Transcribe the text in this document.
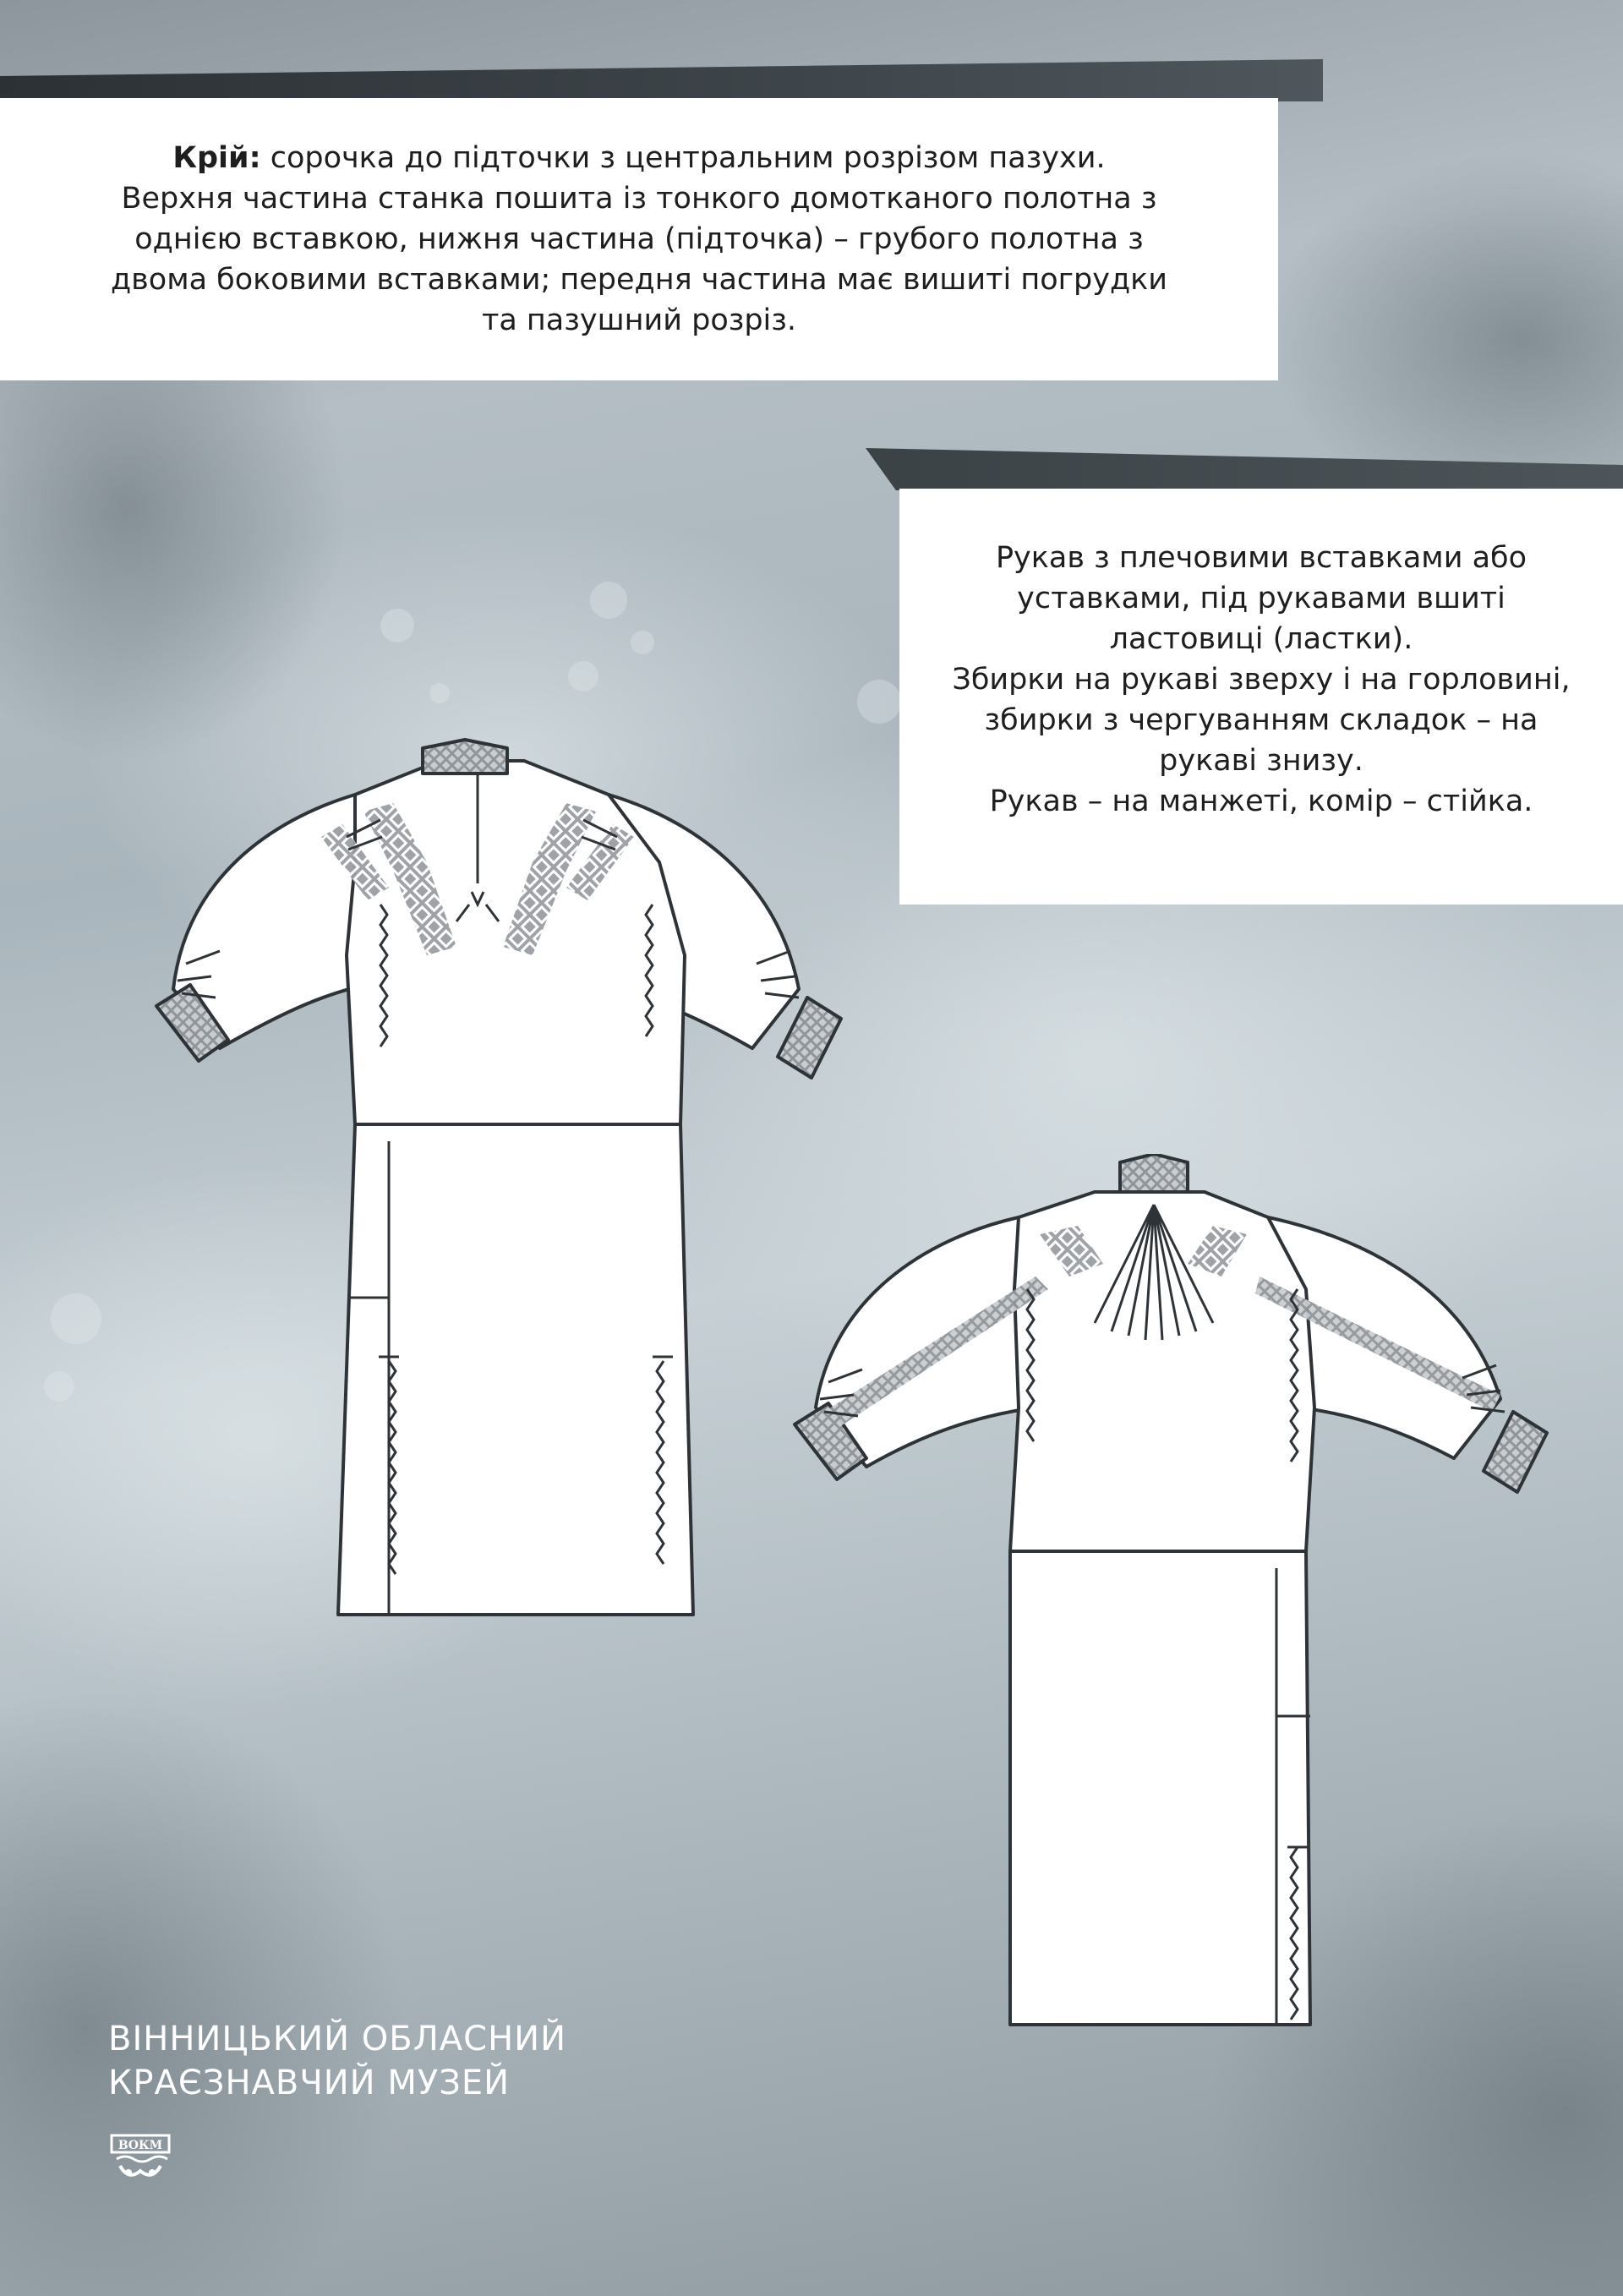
Крій: сорочка до підточки з центральним розрізом пазухи.

Верхня частина станка пошита із тонкого домотканого полотна з

однією вставкою, нижня частина (підточка) – грубого полотна з

двома боковими вставками; передня частина має вишиті погрудки

та пазушний розріз.

Рукав з плечовими вставками або

уставками, під рукавами вшиті

ластовиці (ластки).

Збирки на рукаві зверху і на горловині,

збирки з чергуванням складок – на

рукаві знизу.

Рукав – на манжеті, комір – стійка.

ВІННИЦЬКИЙ ОБЛАСНИЙ
КРАЄЗНАВЧИЙ МУЗЕЙ
ВОКМ
